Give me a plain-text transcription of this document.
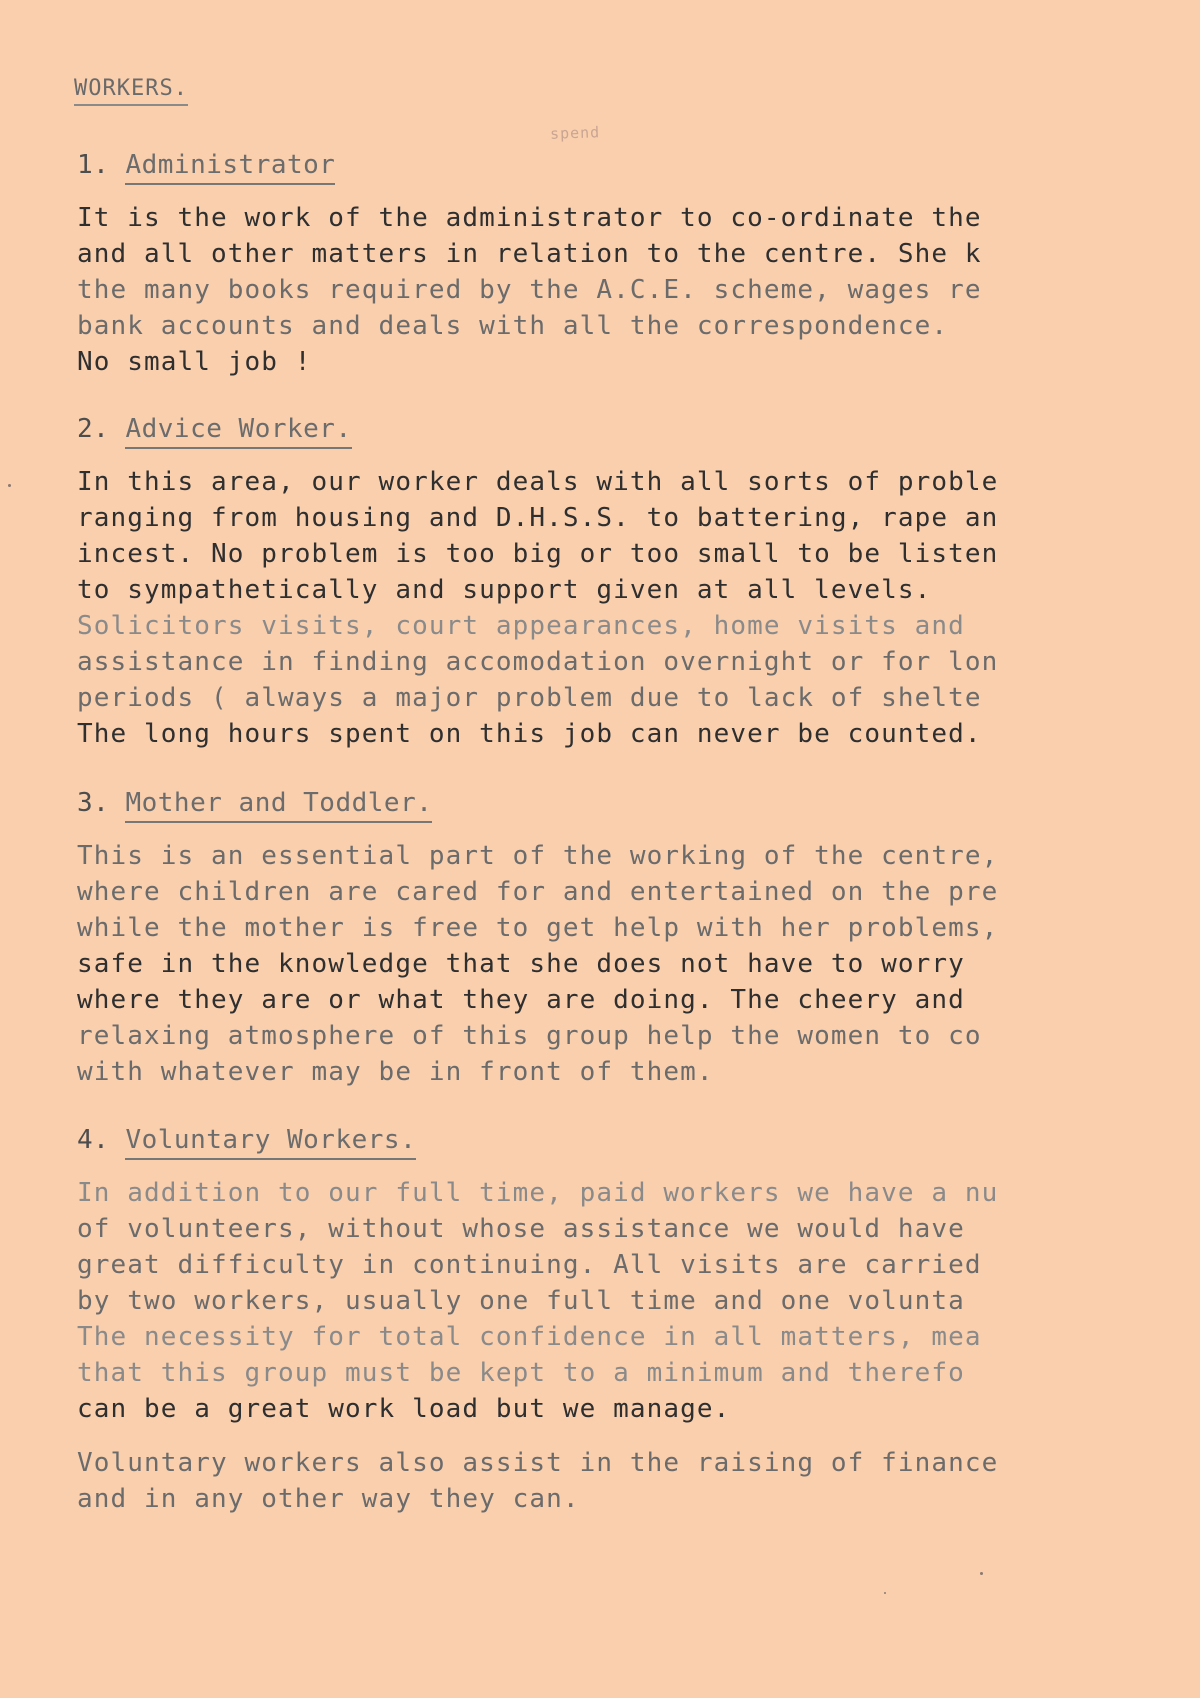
WORKERS.
spend
1. Administrator
It is the work of the administrator to co-ordinate the
and all other matters in relation to the centre. She k
the many books required by the A.C.E. scheme, wages re
bank accounts and deals with all the correspondence.
No small job !
2. Advice Worker.
In this area, our worker deals with all sorts of proble
ranging from housing and D.H.S.S. to battering, rape an
incest. No problem is too big or too small to be listen
to sympathetically and support given at all levels.
Solicitors visits, court appearances, home visits and
assistance in finding accomodation overnight or for lon
periods ( always a major problem due to lack of shelte
The long hours spent on this job can never be counted.
3. Mother and Toddler.
This is an essential part of the working of the centre,
where children are cared for and entertained on the pre
while the mother is free to get help with her problems,
safe in the knowledge that she does not have to worry
where they are or what they are doing. The cheery and
relaxing atmosphere of this group help the women to co
with whatever may be in front of them.
4. Voluntary Workers.
In addition to our full time, paid workers we have a nu
of volunteers, without whose assistance we would have
great difficulty in continuing. All visits are carried
by two workers, usually one full time and one volunta
The necessity for total confidence in all matters, mea
that this group must be kept to a minimum and therefo
can be a great work load but we manage.
Voluntary workers also assist in the raising of finance
and in any other way they can.
